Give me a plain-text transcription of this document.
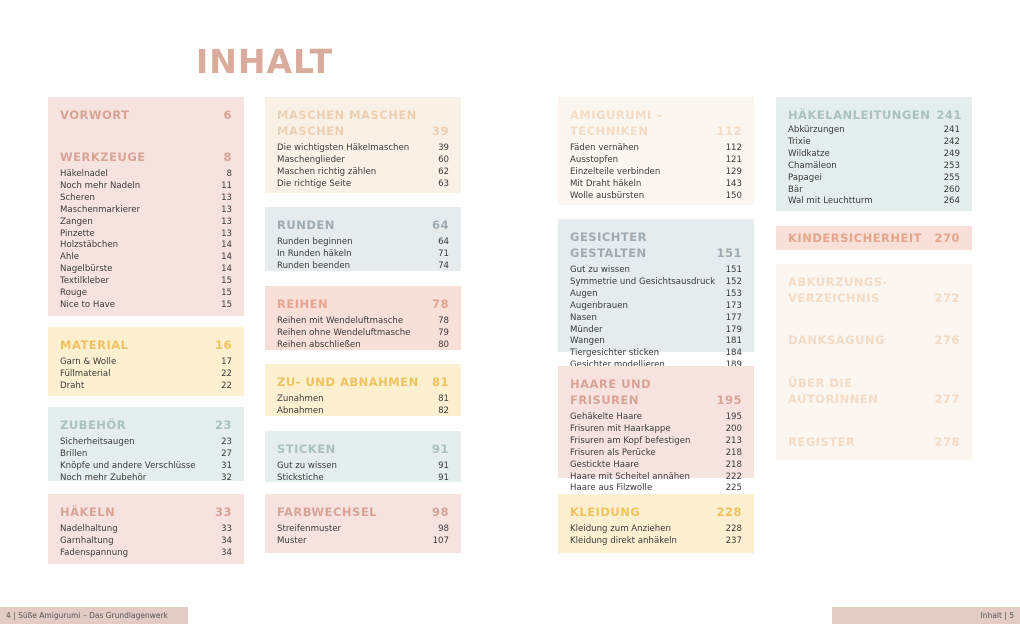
INHALT
VORWORT	6
WERKZEUGE	8
Häkelnadel	8
Noch mehr Nadeln	11
Scheren	13
Maschenmarkierer	13
Zangen	13
Pinzette	13
Holzstäbchen	14
Ahle	14
Nagelbürste	14
Textilkleber	15
Rouge	15
Nice to Have	15
MATERIAL	16
Garn & Wolle	17
Füllmaterial	22
Draht	22
ZUBEHÖR	23
Sicherheitsaugen	23
Brillen	27
Knöpfe und andere Verschlüsse	31
Noch mehr Zubehör	32
HÄKELN	33
Nadelhaltung	33
Garnhaltung	34
Fadenspannung	34
MASCHEN MASCHEN
MASCHEN	39
Die wichtigsten Häkelmaschen	39
Maschenglieder	60
Maschen richtig zählen	62
Die richtige Seite	63
RUNDEN	64
Runden beginnen	64
In Runden häkeln	71
Runden beenden	74
REIHEN	78
Reihen mit Wendeluftmasche	78
Reihen ohne Wendeluftmasche	79
Reihen abschließen	80
ZU- UND ABNAHMEN 81
Zunahmen	81
Abnahmen	82
STICKEN	91
Gut zu wissen	91
Stickstiche	91
FARBWECHSEL	98
Streifenmuster	98
Muster	107
AMIGURUMI –
TECHNIKEN	112
Fäden vernähen	112
Ausstopfen	121
Einzelteile verbinden	129
Mit Draht häkeln	143
Wolle ausbürsten	150
GESICHTER GESTALTEN	151
Gut zu wissen	151
Symmetrie und Gesichtsausdruck 152
Augen	153
Augenbrauen	173
Nasen	177
Münder	179
Wangen	181
Tiergesichter sticken	184
HAARE UND FRISUREN	195
Gehäkelte Haare	195
Frisuren mit Haarkappe	200
Frisuren am Kopf befestigen	213
Frisuren als Perücke	218
Gestickte Haare	218
Haare mit Scheitel annähen	222
Haare aus Filzwolle	225
KLEIDUNG	228
Kleidung zum Anziehen	228
Kleidung direkt anhäkeln	237
HÄKELANLEITUNGEN 241
Abkürzungen	241
Trixie	242
Wildkatze	249
Chamäleon	253
Papagei	255
Bär	260
Wal mit Leuchtturm	264
KINDERSICHERHEIT 270
ABKÜRZUNGS-
VERZEICHNIS	272
DANKSAGUNG	276
ÜBER DIE AUTORINNEN	277
REGISTER	278
4 | Süße Amigurumi – Das Grundlagenwerk	Inhalt | 5
